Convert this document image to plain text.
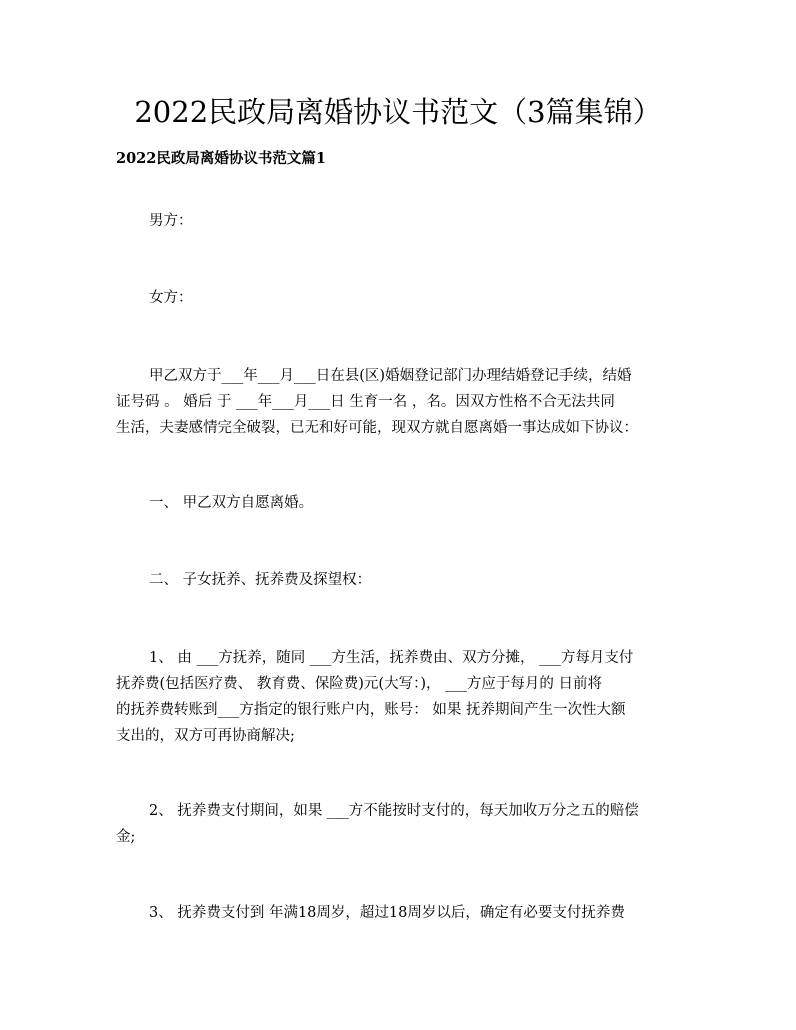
2022民政局离婚协议书范文（3篇集锦）
2022民政局离婚协议书范文篇1
男方：
女方：
甲乙双方于___年___月___日在县(区)婚姻登记部门办理结婚登记手续，结婚
证号码 。 婚后 于 ___年___月___日 生育一名 ，名。因双方性格不合无法共同
生活，夫妻感情完全破裂，已无和好可能，现双方就自愿离婚一事达成如下协议：
一、 甲乙双方自愿离婚。
二、 子女抚养、抚养费及探望权：
1、 由 ___方抚养，随同 ___方生活，抚养费由、双方分摊， ___方每月支付
抚养费(包括医疗费、 教育费、保险费)元(大写：)， ___方应于每月的 日前将
的抚养费转账到___方指定的银行账户内，账号： 如果 抚养期间产生一次性大额
支出的，双方可再协商解决;
2、 抚养费支付期间，如果 ___方不能按时支付的，每天加收万分之五的赔偿
金;
3、 抚养费支付到 年满18周岁，超过18周岁以后，确定有必要支付抚养费
